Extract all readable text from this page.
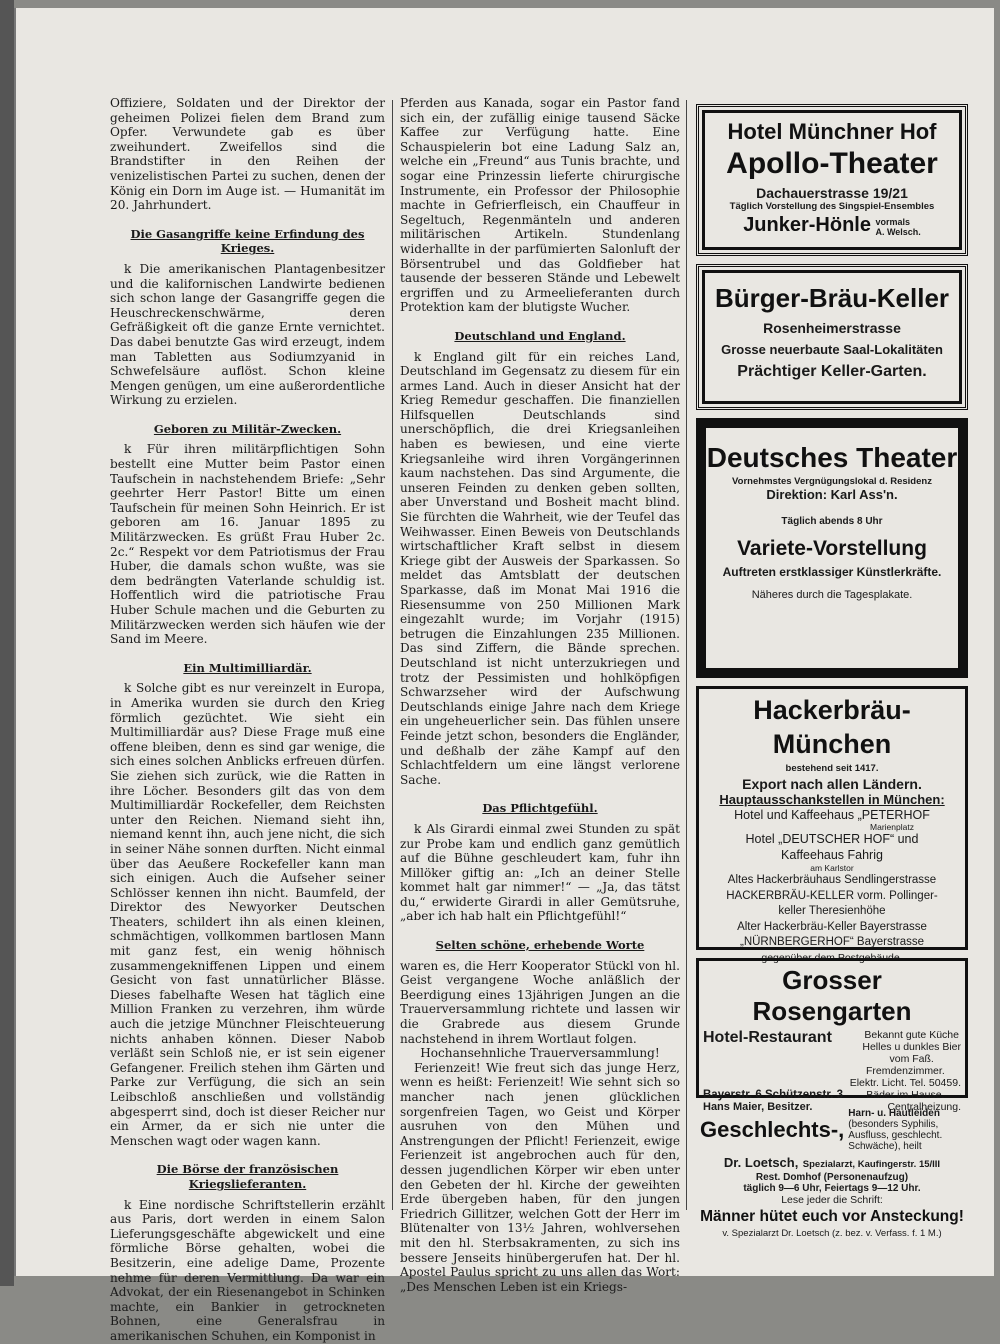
Offiziere, Soldaten und der Direktor der geheimen Polizei fielen dem Brand zum Opfer. Verwundete gab es über zweihundert. Zweifellos sind die Brandstifter in den Reihen der venizelistischen Partei zu suchen, denen der König ein Dorn im Auge ist. — Humanität im 20. Jahrhundert.

Die Gasangriffe keine Erfindung des Krieges.

k Die amerikanischen Plantagenbesitzer und die kalifornischen Landwirte bedienen sich schon lange der Gasangriffe gegen die Heuschreckenschwärme, deren Gefräßigkeit oft die ganze Ernte vernichtet. Das dabei benutzte Gas wird erzeugt, indem man Tabletten aus Sodiumzyanid in Schwefelsäure auflöst. Schon kleine Mengen genügen, um eine außerordentliche Wirkung zu erzielen.

Geboren zu Militär-Zwecken.

k Für ihren militärpflichtigen Sohn bestellt eine Mutter beim Pastor einen Taufschein in nachstehendem Briefe: „Sehr geehrter Herr Pastor! Bitte um einen Taufschein für meinen Sohn Heinrich. Er ist geboren am 16. Januar 1895 zu Militärzwecken. Es grüßt Frau Huber 2c. 2c.“ Respekt vor dem Patriotismus der Frau Huber, die damals schon wußte, was sie dem bedrängten Vaterlande schuldig ist. Hoffentlich wird die patriotische Frau Huber Schule machen und die Geburten zu Militärzwecken werden sich häufen wie der Sand im Meere.

Ein Multimilliardär.

k Solche gibt es nur vereinzelt in Europa, in Amerika wurden sie durch den Krieg förmlich gezüchtet. Wie sieht ein Multimilliardär aus? Diese Frage muß eine offene bleiben, denn es sind gar wenige, die sich eines solchen Anblicks erfreuen dürfen. Sie ziehen sich zurück, wie die Ratten in ihre Löcher. Besonders gilt das von dem Multimilliardär Rockefeller, dem Reichsten unter den Reichen. Niemand sieht ihn, niemand kennt ihn, auch jene nicht, die sich in seiner Nähe sonnen durften. Nicht einmal über das Aeußere Rockefeller kann man sich einigen. Auch die Aufseher seiner Schlösser kennen ihn nicht. Baumfeld, der Direktor des Newyorker Deutschen Theaters, schildert ihn als einen kleinen, schmächtigen, vollkommen bartlosen Mann mit ganz fest, ein wenig höhnisch zusammengekniffenen Lippen und einem Gesicht von fast unnatürlicher Blässe. Dieses fabelhafte Wesen hat täglich eine Million Franken zu verzehren, ihm würde auch die jetzige Münchner Fleischteuerung nichts anhaben können. Dieser Nabob verläßt sein Schloß nie, er ist sein eigener Gefangener. Freilich stehen ihm Gärten und Parke zur Verfügung, die sich an sein Leibschloß anschließen und vollständig abgesperrt sind, doch ist dieser Reicher nur ein Armer, da er sich nie unter die Menschen wagt oder wagen kann.

Die Börse der französischen Kriegslieferanten.

k Eine nordische Schriftstellerin erzählt aus Paris, dort werden in einem Salon Lieferungsgeschäfte abgewickelt und eine förmliche Börse gehalten, wobei die Besitzerin, eine adelige Dame, Prozente nehme für deren Vermittlung. Da war ein Advokat, der ein Riesenangebot in Schinken machte, ein Bankier in getrockneten Bohnen, eine Generalsfrau in amerikanischen Schuhen, ein Komponist in

Pferden aus Kanada, sogar ein Pastor fand sich ein, der zufällig einige tausend Säcke Kaffee zur Verfügung hatte. Eine Schauspielerin bot eine Ladung Salz an, welche ein „Freund“ aus Tunis brachte, und sogar eine Prinzessin lieferte chirurgische Instrumente, ein Professor der Philosophie machte in Gefrierfleisch, ein Chauffeur in Segeltuch, Regenmänteln und anderen militärischen Artikeln. Stundenlang widerhallte in der parfümierten Salonluft der Börsentrubel und das Goldfieber hat tausende der besseren Stände und Lebewelt ergriffen und zu Armeelieferanten durch Protektion kam der blutigste Wucher.

Deutschland und England.

k England gilt für ein reiches Land, Deutschland im Gegensatz zu diesem für ein armes Land. Auch in dieser Ansicht hat der Krieg Remedur geschaffen. Die finanziellen Hilfsquellen Deutschlands sind unerschöpflich, die drei Kriegsanleihen haben es bewiesen, und eine vierte Kriegsanleihe wird ihren Vorgängerinnen kaum nachstehen. Das sind Argumente, die unseren Feinden zu denken geben sollten, aber Unverstand und Bosheit macht blind. Sie fürchten die Wahrheit, wie der Teufel das Weihwasser. Einen Beweis von Deutschlands wirtschaftlicher Kraft selbst in diesem Kriege gibt der Ausweis der Sparkassen. So meldet das Amtsblatt der deutschen Sparkasse, daß im Monat Mai 1916 die Riesensumme von 250 Millionen Mark eingezahlt wurde; im Vorjahr (1915) betrugen die Einzahlungen 235 Millionen. Das sind Ziffern, die Bände sprechen. Deutschland ist nicht unterzukriegen und trotz der Pessimisten und hohlköpfigen Schwarzseher wird der Aufschwung Deutschlands einige Jahre nach dem Kriege ein ungeheuerlicher sein. Das fühlen unsere Feinde jetzt schon, besonders die Engländer, und deßhalb der zähe Kampf auf den Schlachtfeldern um eine längst verlorene Sache.

Das Pflichtgefühl.

k Als Girardi einmal zwei Stunden zu spät zur Probe kam und endlich ganz gemütlich auf die Bühne geschleudert kam, fuhr ihn Millöker giftig an: „Ich an deiner Stelle kommet halt gar nimmer!“ — „Ja, das tätst du,“ erwiderte Girardi in aller Gemütsruhe, „aber ich hab halt ein Pflichtgefühl!“

Selten schöne, erhebende Worte

waren es, die Herr Kooperator Stückl von hl. Geist vergangene Woche anläßlich der Beerdigung eines 13jährigen Jungen an die Trauerversammlung richtete und lassen wir die Grabrede aus diesem Grunde nachstehend in ihrem Wortlaut folgen.

Hochansehnliche Trauerversammlung!

Ferienzeit! Wie freut sich das junge Herz, wenn es heißt: Ferienzeit! Wie sehnt sich so mancher nach jenen glücklichen sorgenfreien Tagen, wo Geist und Körper ausruhen von den Mühen und Anstrengungen der Pflicht! Ferienzeit, ewige Ferienzeit ist angebrochen auch für den, dessen jugendlichen Körper wir eben unter den Gebeten der hl. Kirche der geweihten Erde übergeben haben, für den jungen Friedrich Gillitzer, welchen Gott der Herr im Blütenalter von 13½ Jahren, wohlversehen mit den hl. Sterbsakramenten, zu sich ins bessere Jenseits hinübergerufen hat. Der hl. Apostel Paulus spricht zu uns allen das Wort: „Des Menschen Leben ist ein Kriegs-

Hotel Münchner Hof
Apollo-Theater
Dachauerstrasse 19/21
Täglich Vorstellung des Singspiel-Ensembles
Junker-Hönle vormals
A. Welsch.
Bürger-Bräu-Keller
Rosenheimerstrasse
Grosse neuerbaute Saal-Lokalitäten
Prächtiger Keller-Garten.
Deutsches Theater
Vornehmstes Vergnügungslokal d. Residenz
Direktion: Karl Ass'n.
Täglich abends 8 Uhr
Variete-Vorstellung
Auftreten erstklassiger Künstlerkräfte.
Näheres durch die Tagesplakate.
Hackerbräu-München
bestehend seit 1417.
Export nach allen Ländern.
Hauptausschankstellen in München:
Hotel und Kaffeehaus „PETERHOF
Marienplatz
Hotel „DEUTSCHER HOF“ und
Kaffeehaus Fahrig
am Karlstor
Altes Hackerbräuhaus Sendlingerstrasse
HACKERBRÄU-KELLER vorm. Pollinger-
keller Theresienhöhe
Alter Hackerbräu-Keller Bayerstrasse
„NÜRNBERGERHOF“ Bayerstrasse
gegenüber dem Postgebäude.
Grosser Rosengarten
Hotel-Restaurant	Bekannt gute Küche
Helles u dunkles Bier
vom Faß.
Bayerstr. 6 Schützenstr. 3
Fremdenzimmer.
Elektr. Licht. Tel. 50459.
Bäder im Hause.
Hans Maier, Besitzer.	Centralheizung.
Geschlechts-,
Harn- u. Hautleiden
(besonders Syphilis, Ausfluss, geschlecht. Schwäche), heilt
Dr. Loetsch, Spezialarzt, Kaufingerstr. 15/III
Rest. Domhof (Personenaufzug)
täglich 9—6 Uhr, Feiertags 9—12 Uhr.
Lese jeder die Schrift:
Männer hütet euch vor Ansteckung!
v. Spezialarzt Dr. Loetsch (z. bez. v. Verfass. f. 1 M.)
